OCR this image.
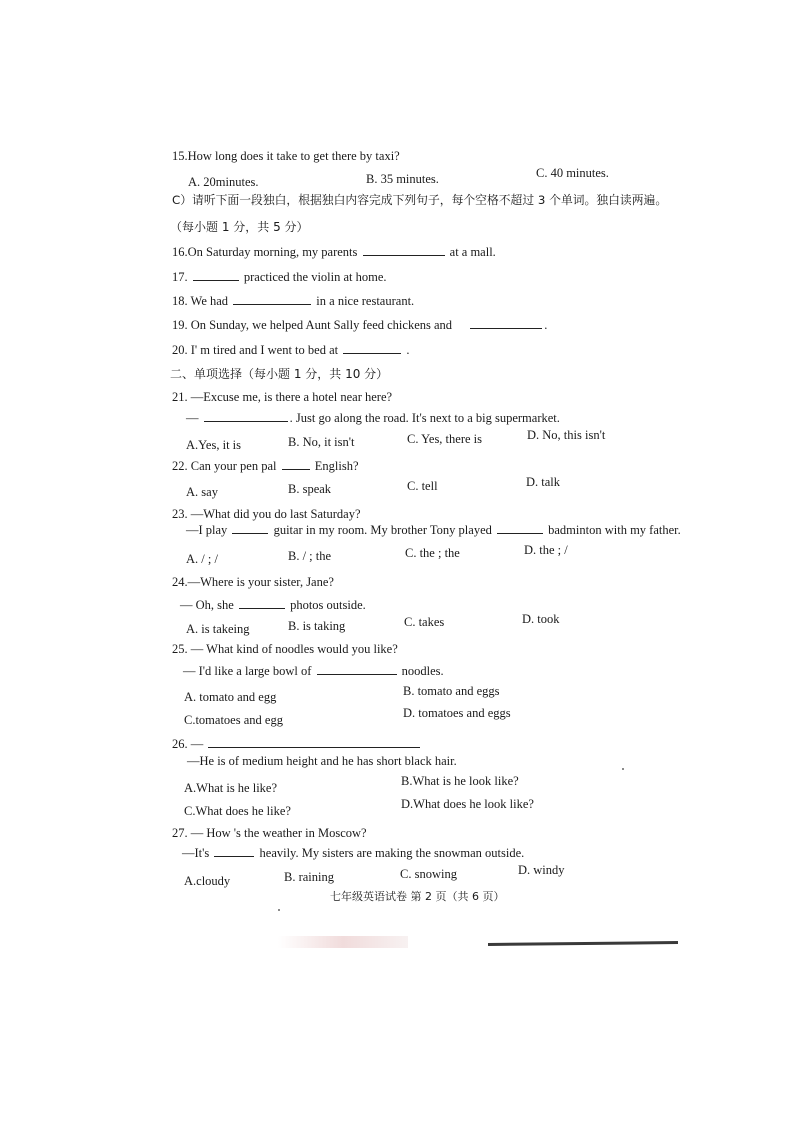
15.How long does it take to get there by taxi?
A. 20minutes.	B. 35 minutes.	C. 40 minutes.
C）请听下面一段独白，根据独白内容完成下列句子，每个空格不超过 3 个单词。独白读两遍。
（每小题 1 分，共 5 分）
16.On Saturday morning, my parents	at a mall.
17.	practiced the violin at home.
18. We had	in a nice restaurant.
19. On Sunday, we helped Aunt Sally feed chickens and	.
20. I' m tired and I went to bed at	.
二、单项选择（每小题 1 分，共 10 分）
21. —Excuse me, is there a hotel near here?
—	. Just go along the road. It's next to a big supermarket.
A.Yes, it is	B. No, it isn't	C. Yes, there is	D. No, this isn't
22. Can your pen pal	English?
A. say	B. speak	C. tell	D. talk
23. —What did you do last Saturday?
—I play	guitar in my room. My brother Tony played	badminton with my father.
A. / ; /	B. / ; the	C. the ; the	D. the ; /
24.—Where is your sister, Jane?
— Oh, she	photos outside.
A. is takeing	B. is taking	C. takes	D. took
25. — What kind of noodles would you like?
— I'd like a large bowl of	noodles.
A. tomato and egg	B. tomato and eggs
C.tomatoes and egg	D. tomatoes and eggs
26. —
—He is of medium height and he has short black hair.
A.What is he like?	B.What is he look like?
C.What does he like?	D.What does he look like?
27. — How 's the weather in Moscow?
—It's	heavily. My sisters are making the snowman outside.
A.cloudy	B. raining	C. snowing	D. windy
七年级英语试卷 第 2 页（共 6 页）
